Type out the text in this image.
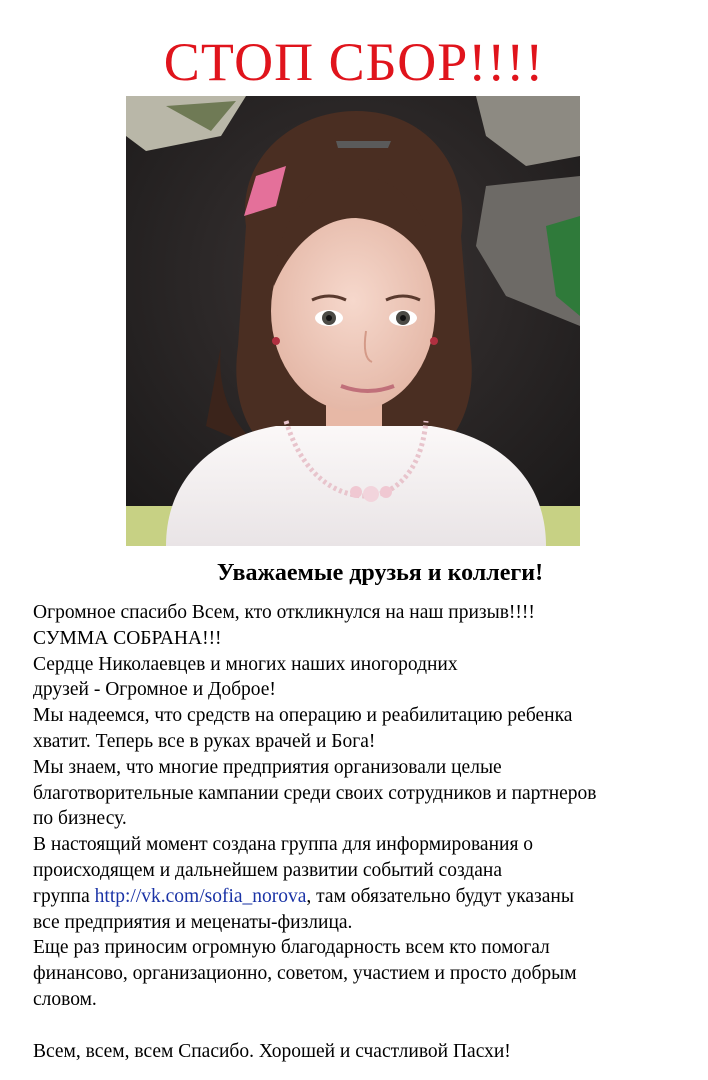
СТОП СБОР!!!!
Уважаемые друзья и коллеги!

Огромное спасибо Всем, кто откликнулся на наш призыв!!!!

СУММА СОБРАНА!!!

Сердце Николаевцев и многих наших иногородних

друзей - Огромное и Доброе!

Мы надеемся, что средств на операцию и реабилитацию ребенка

хватит. Теперь все в руках врачей и Бога!

Мы знаем, что многие предприятия организовали целые

благотворительные кампании среди своих сотрудников и партнеров

по бизнесу.

В настоящий момент создана группа для информирования о

происходящем и дальнейшем развитии событий создана

группа http://vk.com/sofia_norova, там обязательно будут указаны

все предприятия и меценаты-физлица.

Еще раз приносим огромную благодарность всем кто помогал

финансово, организационно, советом, участием и просто добрым

словом.

Всем, всем, всем Спасибо. Хорошей и счастливой Пасхи!
